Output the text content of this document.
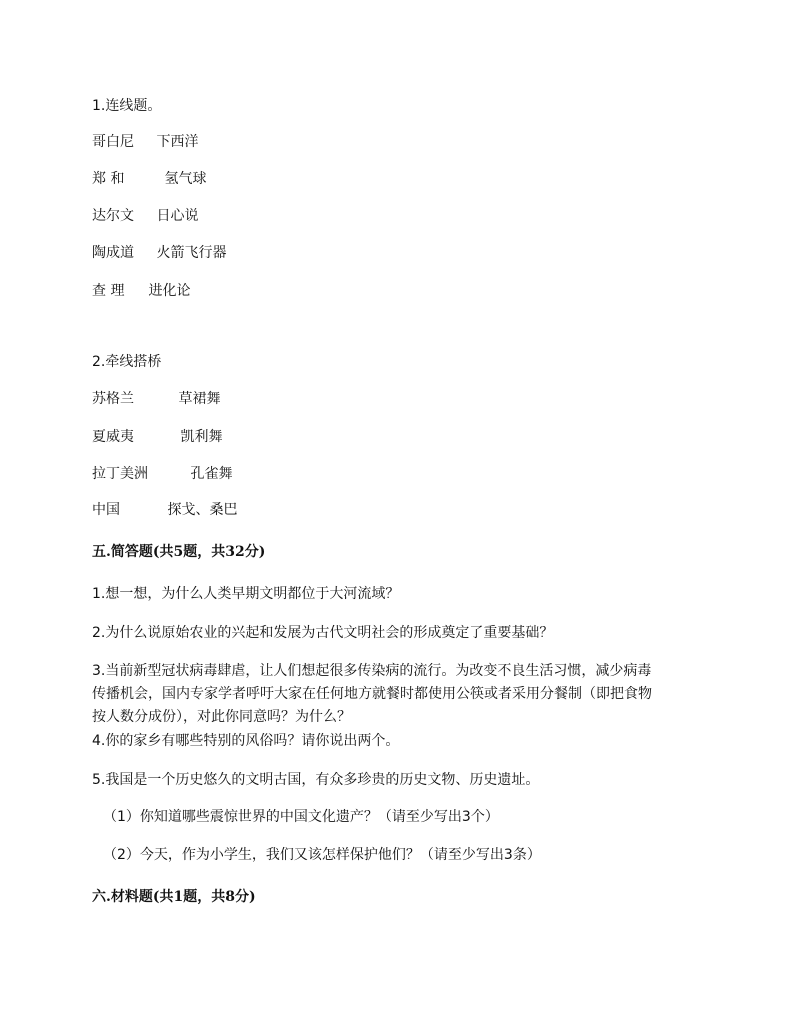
1.连线题。
哥白尼 下西洋
郑 和	氢气球
达尔文 日心说
陶成道 火箭飞行器
查 理 进化论
2.牵线搭桥
苏格兰	草裙舞
夏威夷	凯利舞
拉丁美洲	孔雀舞
中国	探戈、桑巴
五.简答题(共5题，共32分)
1.想一想，为什么人类早期文明都位于大河流域？
2.为什么说原始农业的兴起和发展为古代文明社会的形成奠定了重要基础？
3.当前新型冠状病毒肆虐，让人们想起很多传染病的流行。为改变不良生活习惯，减少病毒传播机会，国内专家学者呼吁大家在任何地方就餐时都使用公筷或者采用分餐制（即把食物按人数分成份），对此你同意吗？为什么？
4.你的家乡有哪些特别的风俗吗？请你说出两个。
5.我国是一个历史悠久的文明古国，有众多珍贵的历史文物、历史遗址。
（1）你知道哪些震惊世界的中国文化遗产？（请至少写出3个）
（2）今天，作为小学生，我们又该怎样保护他们？（请至少写出3条）
六.材料题(共1题，共8分)
